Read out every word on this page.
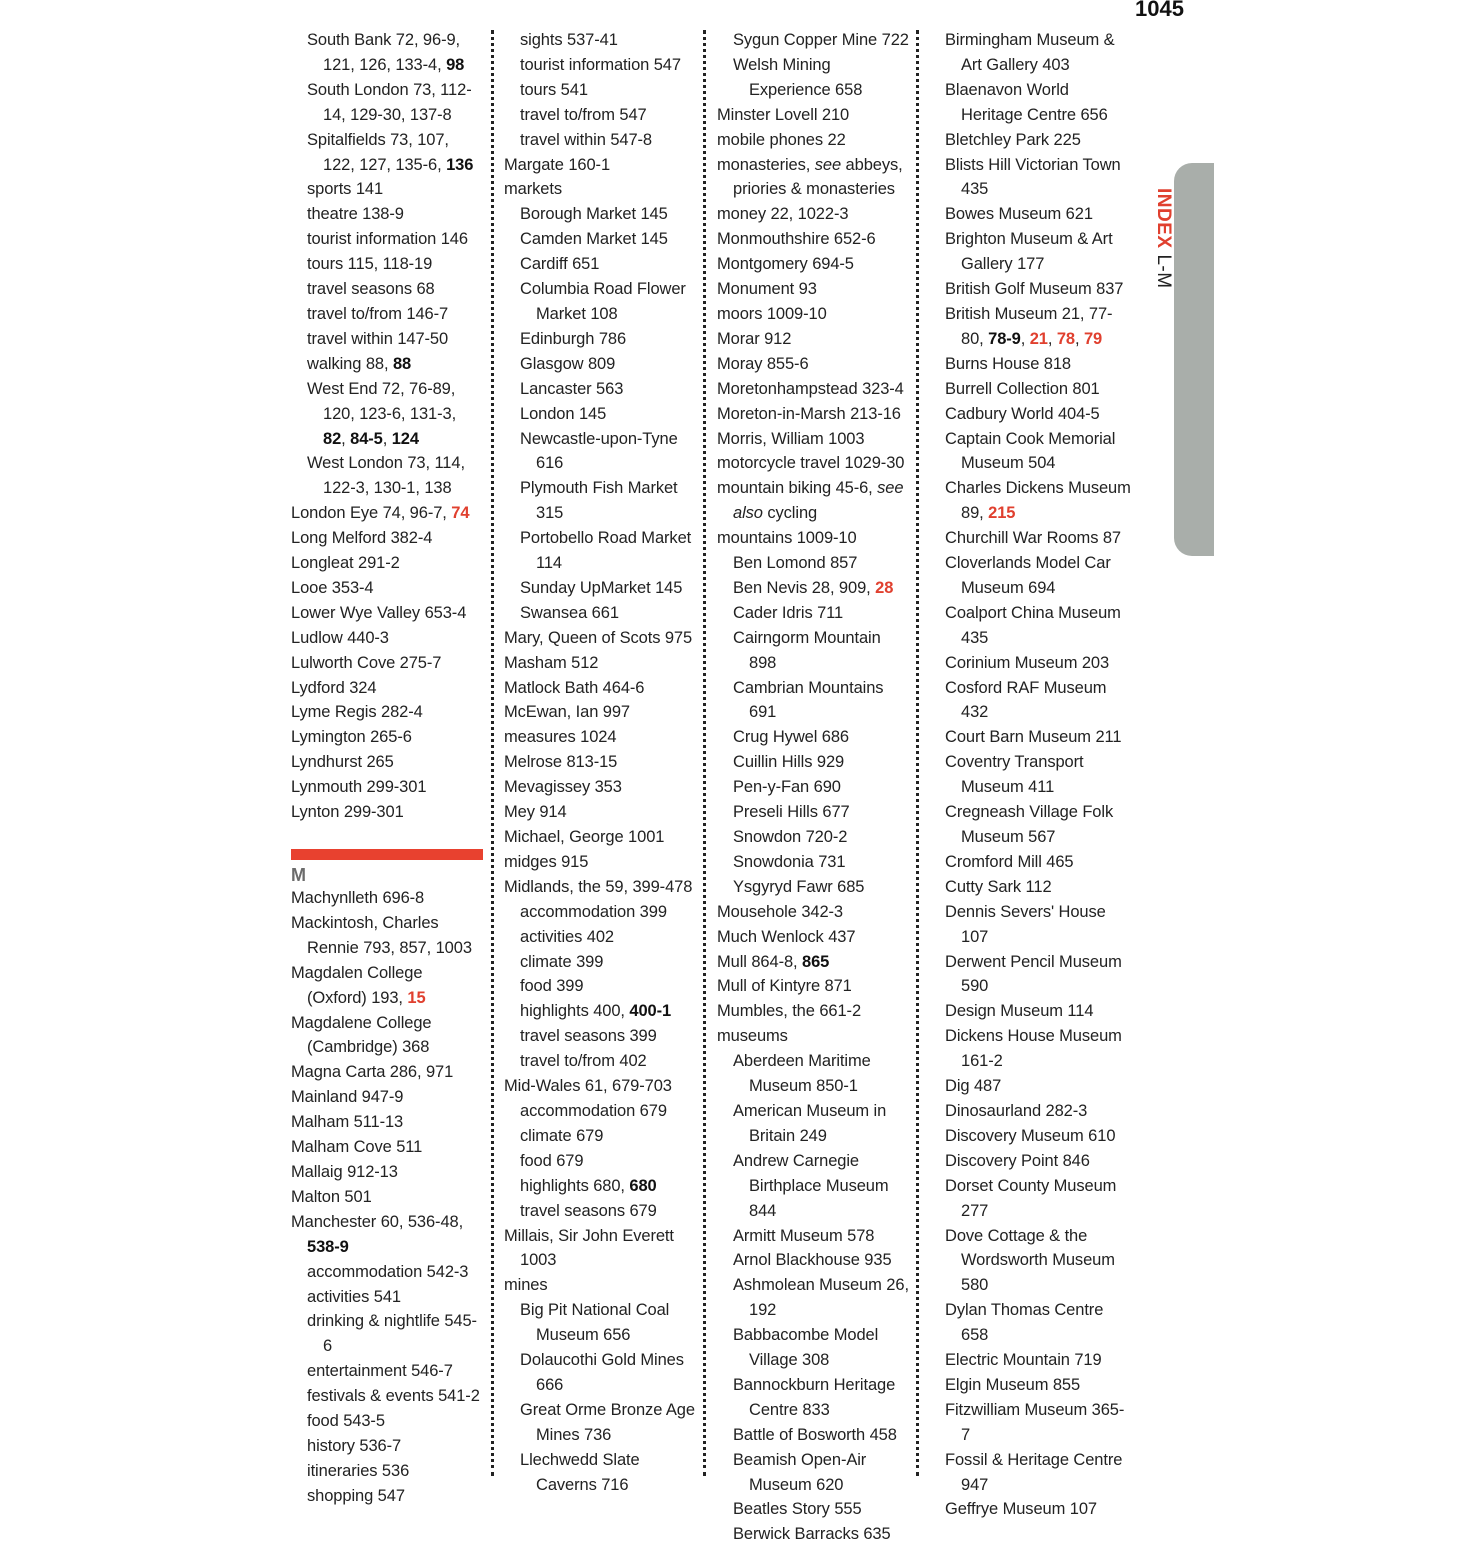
1045
South Bank 72, 96-9, 121, 126, 133-4, 98
South London 73, 112-14, 129-30, 137-8
Spitalfields 73, 107, 122, 127, 135-6, 136
sports 141
theatre 138-9
tourist information 146
tours 115, 118-19
travel seasons 68
travel to/from 146-7
travel within 147-50
walking 88, 88
West End 72, 76-89, 120, 123-6, 131-3, 82, 84-5, 124
West London 73, 114, 122-3, 130-1, 138
London Eye 74, 96-7, 74
Long Melford 382-4
Longleat 291-2
Looe 353-4
Lower Wye Valley 653-4
Ludlow 440-3
Lulworth Cove 275-7
Lydford 324
Lyme Regis 282-4
Lymington 265-6
Lyndhurst 265
Lynmouth 299-301
Lynton 299-301
M
Machynlleth 696-8
Mackintosh, Charles Rennie 793, 857, 1003
Magdalen College (Oxford) 193, 15
Magdalene College (Cambridge) 368
Magna Carta 286, 971
Mainland 947-9
Malham 511-13
Malham Cove 511
Mallaig 912-13
Malton 501
Manchester 60, 536-48, 538-9
accommodation 542-3
activities 541
drinking & nightlife 545-6
entertainment 546-7
festivals & events 541-2
food 543-5
history 536-7
itineraries 536
shopping 547
sights 537-41
tourist information 547
tours 541
travel to/from 547
travel within 547-8
Margate 160-1
markets
Borough Market 145
Camden Market 145
Cardiff 651
Columbia Road Flower Market 108
Edinburgh 786
Glasgow 809
Lancaster 563
London 145
Newcastle-upon-Tyne 616
Plymouth Fish Market 315
Portobello Road Market 114
Sunday UpMarket 145
Swansea 661
Mary, Queen of Scots 975
Masham 512
Matlock Bath 464-6
McEwan, Ian 997
measures 1024
Melrose 813-15
Mevagissey 353
Mey 914
Michael, George 1001
midges 915
Midlands, the 59, 399-478
accommodation 399
activities 402
climate 399
food 399
highlights 400, 400-1
travel seasons 399
travel to/from 402
Mid-Wales 61, 679-703
accommodation 679
climate 679
food 679
highlights 680, 680
travel seasons 679
Millais, Sir John Everett 1003
mines
Big Pit National Coal Museum 656
Dolaucothi Gold Mines 666
Great Orme Bronze Age Mines 736
Llechwedd Slate Caverns 716
Sygun Copper Mine 722
Welsh Mining Experience 658
Minster Lovell 210
mobile phones 22
monasteries, see abbeys, priories & monasteries
money 22, 1022-3
Monmouthshire 652-6
Montgomery 694-5
Monument 93
moors 1009-10
Morar 912
Moray 855-6
Moretonhampstead 323-4
Moreton-in-Marsh 213-16
Morris, William 1003
motorcycle travel 1029-30
mountain biking 45-6, see also cycling
mountains 1009-10
Ben Lomond 857
Ben Nevis 28, 909, 28
Cader Idris 711
Cairngorm Mountain 898
Cambrian Mountains 691
Crug Hywel 686
Cuillin Hills 929
Pen-y-Fan 690
Preseli Hills 677
Snowdon 720-2
Snowdonia 731
Ysgyryd Fawr 685
Mousehole 342-3
Much Wenlock 437
Mull 864-8, 865
Mull of Kintyre 871
Mumbles, the 661-2
museums
Aberdeen Maritime Museum 850-1
American Museum in Britain 249
Andrew Carnegie Birthplace Museum 844
Armitt Museum 578
Arnol Blackhouse 935
Ashmolean Museum 26, 192
Babbacombe Model Village 308
Bannockburn Heritage Centre 833
Battle of Bosworth 458
Beamish Open-Air Museum 620
Beatles Story 555
Berwick Barracks 635
Birmingham Museum & Art Gallery 403
Blaenavon World Heritage Centre 656
Bletchley Park 225
Blists Hill Victorian Town 435
Bowes Museum 621
Brighton Museum & Art Gallery 177
British Golf Museum 837
British Museum 21, 77-80, 78-9, 21, 78, 79
Burns House 818
Burrell Collection 801
Cadbury World 404-5
Captain Cook Memorial Museum 504
Charles Dickens Museum 89, 215
Churchill War Rooms 87
Cloverlands Model Car Museum 694
Coalport China Museum 435
Corinium Museum 203
Cosford RAF Museum 432
Court Barn Museum 211
Coventry Transport Museum 411
Cregneash Village Folk Museum 567
Cromford Mill 465
Cutty Sark 112
Dennis Severs' House 107
Derwent Pencil Museum 590
Design Museum 114
Dickens House Museum 161-2
Dig 487
Dinosaurland 282-3
Discovery Museum 610
Discovery Point 846
Dorset County Museum 277
Dove Cottage & the Wordsworth Museum 580
Dylan Thomas Centre 658
Electric Mountain 719
Elgin Museum 855
Fitzwilliam Museum 365-7
Fossil & Heritage Centre 947
Geffrye Museum 107
INDEX L-M
